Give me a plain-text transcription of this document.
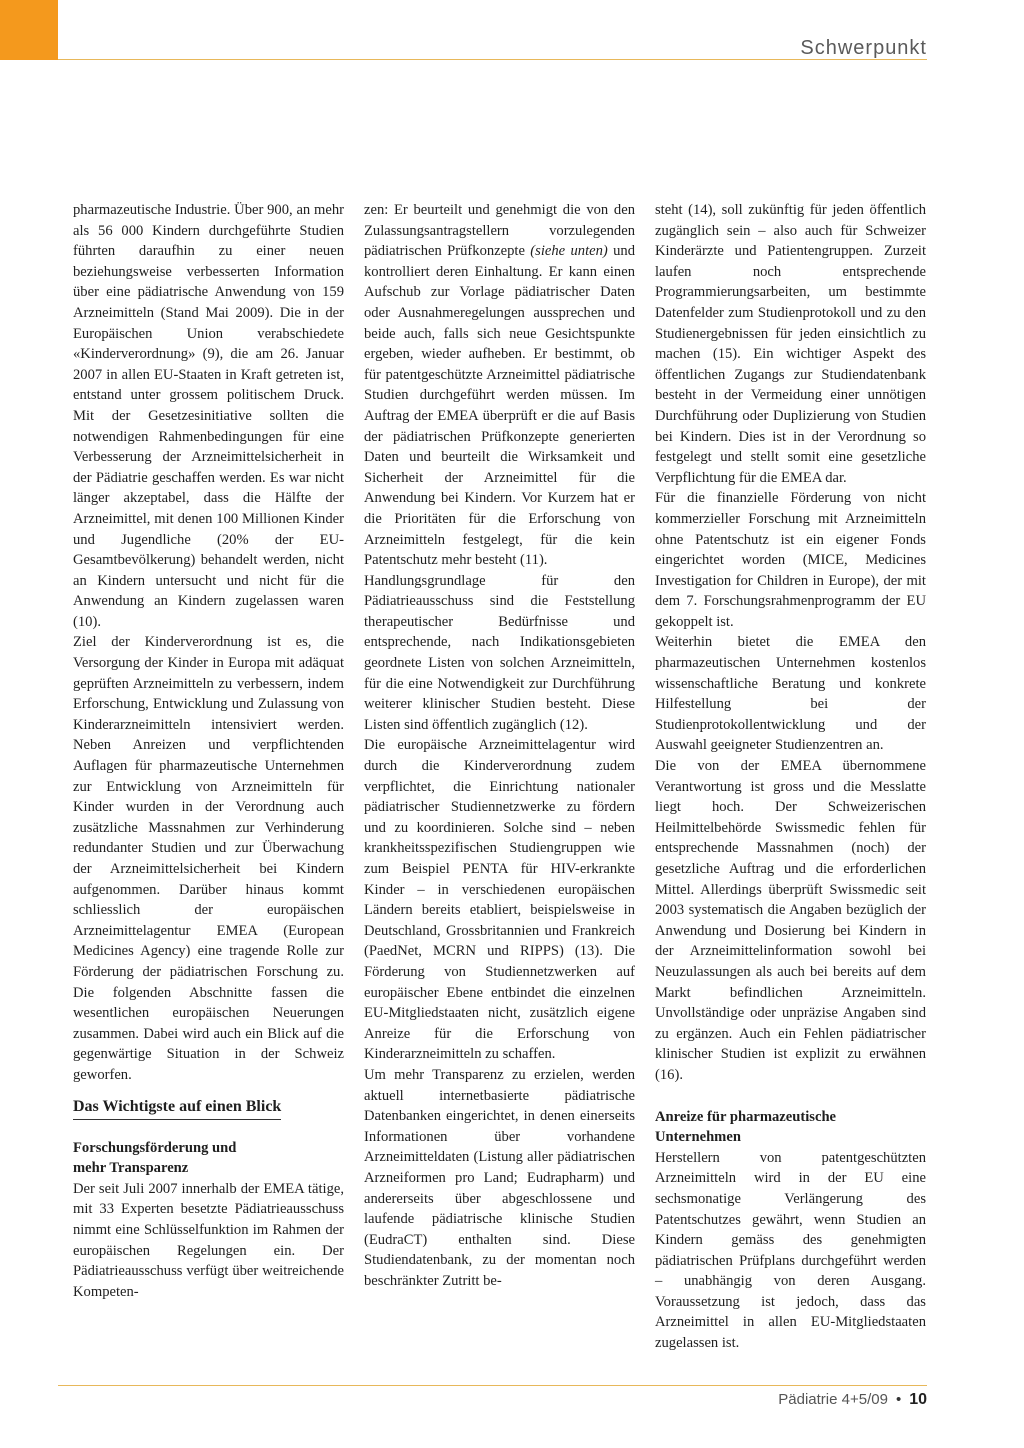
Schwerpunkt

pharmazeutische Industrie. Über 900, an mehr als 56 000 Kindern durchgeführte Studien führten daraufhin zu einer neuen beziehungsweise verbesserten Information über eine pädiatrische Anwendung von 159 Arzneimitteln (Stand Mai 2009). Die in der Europäischen Union verabschiedete «Kinderverordnung» (9), die am 26. Januar 2007 in allen EU-Staaten in Kraft getreten ist, entstand unter grossem politischem Druck. Mit der Gesetzesinitiative sollten die notwendigen Rahmenbedingungen für eine Verbesserung der Arzneimittelsicherheit in der Pädiatrie geschaffen werden. Es war nicht länger akzeptabel, dass die Hälfte der Arzneimittel, mit denen 100 Millionen Kinder und Jugendliche (20% der EU-Gesamtbevölkerung) behandelt werden, nicht an Kindern untersucht und nicht für die Anwendung an Kindern zugelassen waren (10).

Ziel der Kinderverordnung ist es, die Versorgung der Kinder in Europa mit adäquat geprüften Arzneimitteln zu verbessern, indem Erforschung, Entwicklung und Zulassung von Kinderarzneimitteln intensiviert werden. Neben Anreizen und verpflichtenden Auflagen für pharmazeutische Unternehmen zur Entwicklung von Arzneimitteln für Kinder wurden in der Verordnung auch zusätzliche Massnahmen zur Verhinderung redundanter Studien und zur Überwachung der Arzneimittelsicherheit bei Kindern aufgenommen. Darüber hinaus kommt schliesslich der europäischen Arzneimittelagentur EMEA (European Medicines Agency) eine tragende Rolle zur Förderung der pädiatrischen Forschung zu. Die folgenden Abschnitte fassen die wesentlichen europäischen Neuerungen zusammen. Dabei wird auch ein Blick auf die gegenwärtige Situation in der Schweiz geworfen.

Das Wichtigste auf einen Blick

Forschungsförderung und
mehr Transparenz

Der seit Juli 2007 innerhalb der EMEA tätige, mit 33 Experten besetzte Pädiatrieausschuss nimmt eine Schlüsselfunktion im Rahmen der europäischen Regelungen ein. Der Pädiatrieausschuss verfügt über weitreichende Kompeten-

zen: Er beurteilt und genehmigt die von den Zulassungsantragstellern vorzulegenden pädiatrischen Prüfkonzepte (siehe unten) und kontrolliert deren Einhaltung. Er kann einen Aufschub zur Vorlage pädiatrischer Daten oder Ausnahmeregelungen aussprechen und beide auch, falls sich neue Gesichtspunkte ergeben, wieder aufheben. Er bestimmt, ob für patentgeschützte Arzneimittel pädiatrische Studien durchgeführt werden müssen. Im Auftrag der EMEA überprüft er die auf Basis der pädiatrischen Prüfkonzepte generierten Daten und beurteilt die Wirksamkeit und Sicherheit der Arzneimittel für die Anwendung bei Kindern. Vor Kurzem hat er die Prioritäten für die Erforschung von Arzneimitteln festgelegt, für die kein Patentschutz mehr besteht (11).

Handlungsgrundlage für den Pädiatrieausschuss sind die Feststellung therapeutischer Bedürfnisse und entsprechende, nach Indikationsgebieten geordnete Listen von solchen Arzneimitteln, für die eine Notwendigkeit zur Durchführung weiterer klinischer Studien besteht. Diese Listen sind öffentlich zugänglich (12).

Die europäische Arzneimittelagentur wird durch die Kinderverordnung zudem verpflichtet, die Einrichtung nationaler pädiatrischer Studiennetzwerke zu fördern und zu koordinieren. Solche sind – neben krankheitsspezifischen Studiengruppen wie zum Beispiel PENTA für HIV-erkrankte Kinder – in verschiedenen europäischen Ländern bereits etabliert, beispielsweise in Deutschland, Grossbritannien und Frankreich (PaedNet, MCRN und RIPPS) (13). Die Förderung von Studiennetzwerken auf europäischer Ebene entbindet die einzelnen EU-Mitgliedstaaten nicht, zusätzlich eigene Anreize für die Erforschung von Kinderarzneimitteln zu schaffen.

Um mehr Transparenz zu erzielen, werden aktuell internetbasierte pädiatrische Datenbanken eingerichtet, in denen einerseits Informationen über vorhandene Arzneimitteldaten (Listung aller pädiatrischen Arzneiformen pro Land; Eudrapharm) und andererseits über abgeschlossene und laufende pädiatrische klinische Studien (EudraCT) enthalten sind. Diese Studiendatenbank, zu der momentan noch beschränkter Zutritt be-

steht (14), soll zukünftig für jeden öffentlich zugänglich sein – also auch für Schweizer Kinderärzte und Patientengruppen. Zurzeit laufen noch entsprechende Programmierungsarbeiten, um bestimmte Datenfelder zum Studienprotokoll und zu den Studienergebnissen für jeden einsichtlich zu machen (15). Ein wichtiger Aspekt des öffentlichen Zugangs zur Studiendatenbank besteht in der Vermeidung einer unnötigen Durchführung oder Duplizierung von Studien bei Kindern. Dies ist in der Verordnung so festgelegt und stellt somit eine gesetzliche Verpflichtung für die EMEA dar.

Für die finanzielle Förderung von nicht kommerzieller Forschung mit Arzneimitteln ohne Patentschutz ist ein eigener Fonds eingerichtet worden (MICE, Medicines Investigation for Children in Europe), der mit dem 7. Forschungsrahmenprogramm der EU gekoppelt ist.

Weiterhin bietet die EMEA den pharmazeutischen Unternehmen kostenlos wissenschaftliche Beratung und konkrete Hilfestellung bei der Studienprotokollentwicklung und der Auswahl geeigneter Studienzentren an.

Die von der EMEA übernommene Verantwortung ist gross und die Messlatte liegt hoch. Der Schweizerischen Heilmittelbehörde Swissmedic fehlen für entsprechende Massnahmen (noch) der gesetzliche Auftrag und die erforderlichen Mittel. Allerdings überprüft Swissmedic seit 2003 systematisch die Angaben bezüglich der Anwendung und Dosierung bei Kindern in der Arzneimittelinformation sowohl bei Neuzulassungen als auch bei bereits auf dem Markt befindlichen Arzneimitteln. Unvollständige oder unpräzise Angaben sind zu ergänzen. Auch ein Fehlen pädiatrischer klinischer Studien ist explizit zu erwähnen (16).

Anreize für pharmazeutische
Unternehmen

Herstellern von patentgeschützten Arzneimitteln wird in der EU eine sechsmonatige Verlängerung des Patentschutzes gewährt, wenn Studien an Kindern gemäss des genehmigten pädiatrischen Prüfplans durchgeführt werden – unabhängig von deren Ausgang. Voraussetzung ist jedoch, dass das Arzneimittel in allen EU-Mitgliedstaaten zugelassen ist.

Pädiatrie 4+5/09 • 10
